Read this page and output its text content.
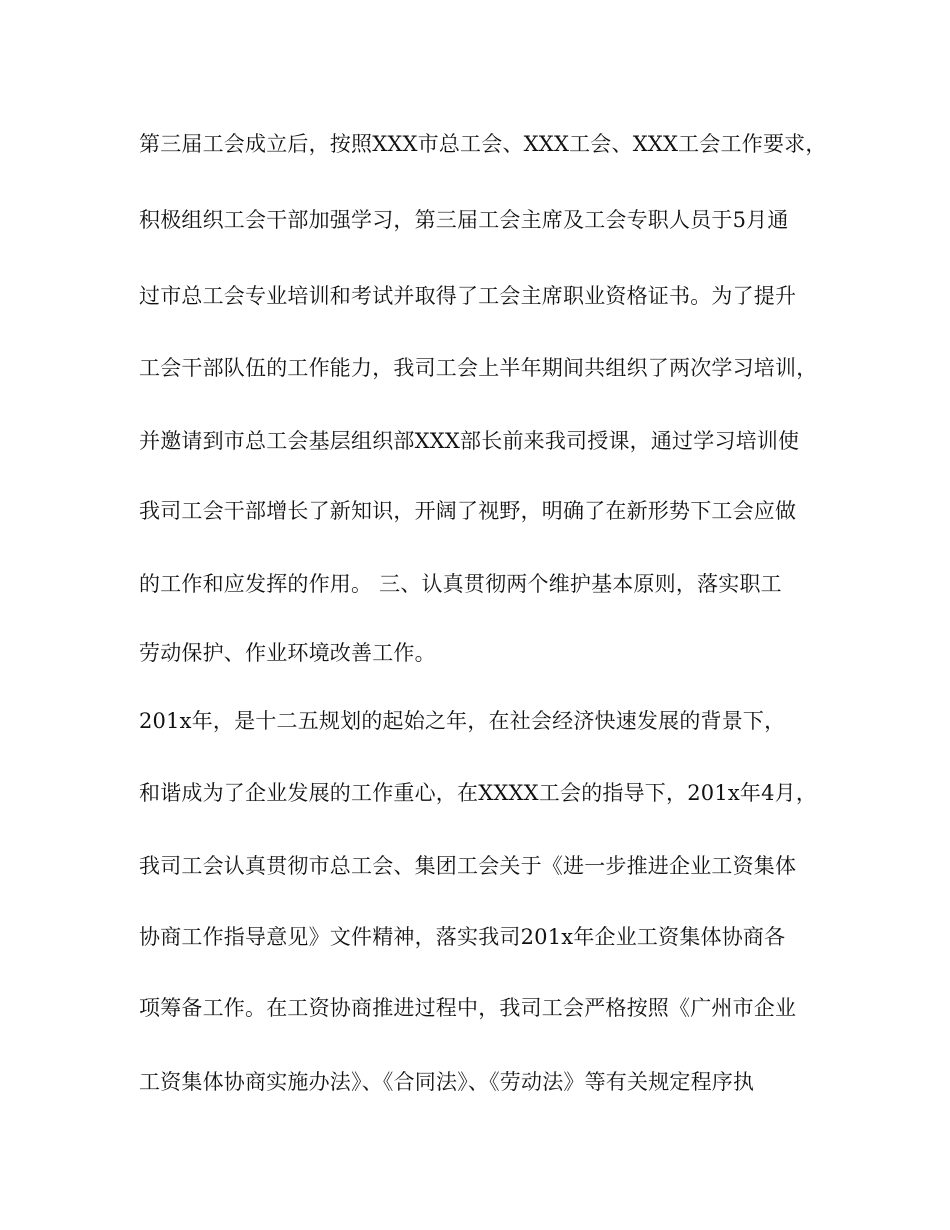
第三届工会成立后，按照XXX市总工会、XXX工会、XXX工会工作要求，
积极组织工会干部加强学习，第三届工会主席及工会专职人员于5月通
过市总工会专业培训和考试并取得了工会主席职业资格证书。为了提升
工会干部队伍的工作能力，我司工会上半年期间共组织了两次学习培训，
并邀请到市总工会基层组织部XXX部长前来我司授课，通过学习培训使
我司工会干部增长了新知识，开阔了视野，明确了在新形势下工会应做
的工作和应发挥的作用。 三、认真贯彻两个维护基本原则，落实职工
劳动保护、作业环境改善工作。
201x年，是十二五规划的起始之年，在社会经济快速发展的背景下，
和谐成为了企业发展的工作重心，在XXXX工会的指导下，201x年4月，
我司工会认真贯彻市总工会、集团工会关于《进一步推进企业工资集体
协商工作指导意见》文件精神，落实我司201x年企业工资集体协商各
项筹备工作。在工资协商推进过程中，我司工会严格按照《广州市企业
工资集体协商实施办法》、《合同法》、《劳动法》等有关规定程序执
